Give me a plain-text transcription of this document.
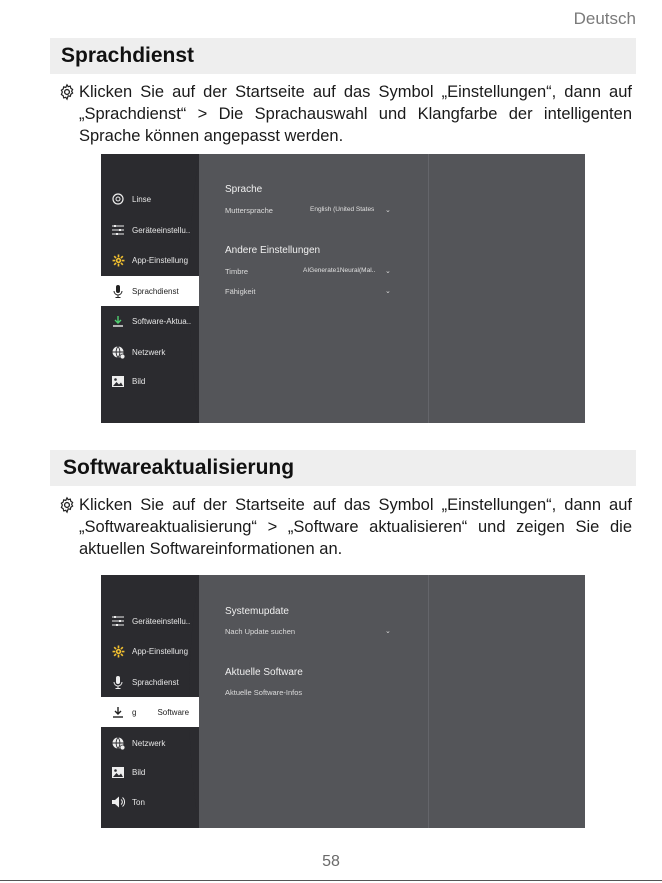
Deutsch
Sprachdienst
Klicken Sie auf der Startseite auf das Symbol „Einstellungen“, dann auf „Sprachdienst“ > Die Sprachauswahl und Klangfarbe der intelligenten Sprache können angepasst werden.
Linse
Geräteeinstellu..
App-Einstellung
Sprachdienst
Software-Aktua..
Netzwerk
Bild
Sprache
Muttersprache	English (United States ⌄
Andere Einstellungen
Timbre	AIGenerate1Neural(Mal.. ⌄
Fähigkeit	⌄
Softwareaktualisierung
Klicken Sie auf der Startseite auf das Symbol „Einstellungen“, dann auf „Softwareaktualisierung“ > „Software aktualisieren“ und zeigen Sie die aktuellen Softwareinformationen an.
Geräteeinstellu..
App-Einstellung
Sprachdienst
g	Software
Netzwerk
Bild
Ton
Systemupdate
Nach Update suchen	⌄
Aktuelle Software
Aktuelle Software-Infos
58
